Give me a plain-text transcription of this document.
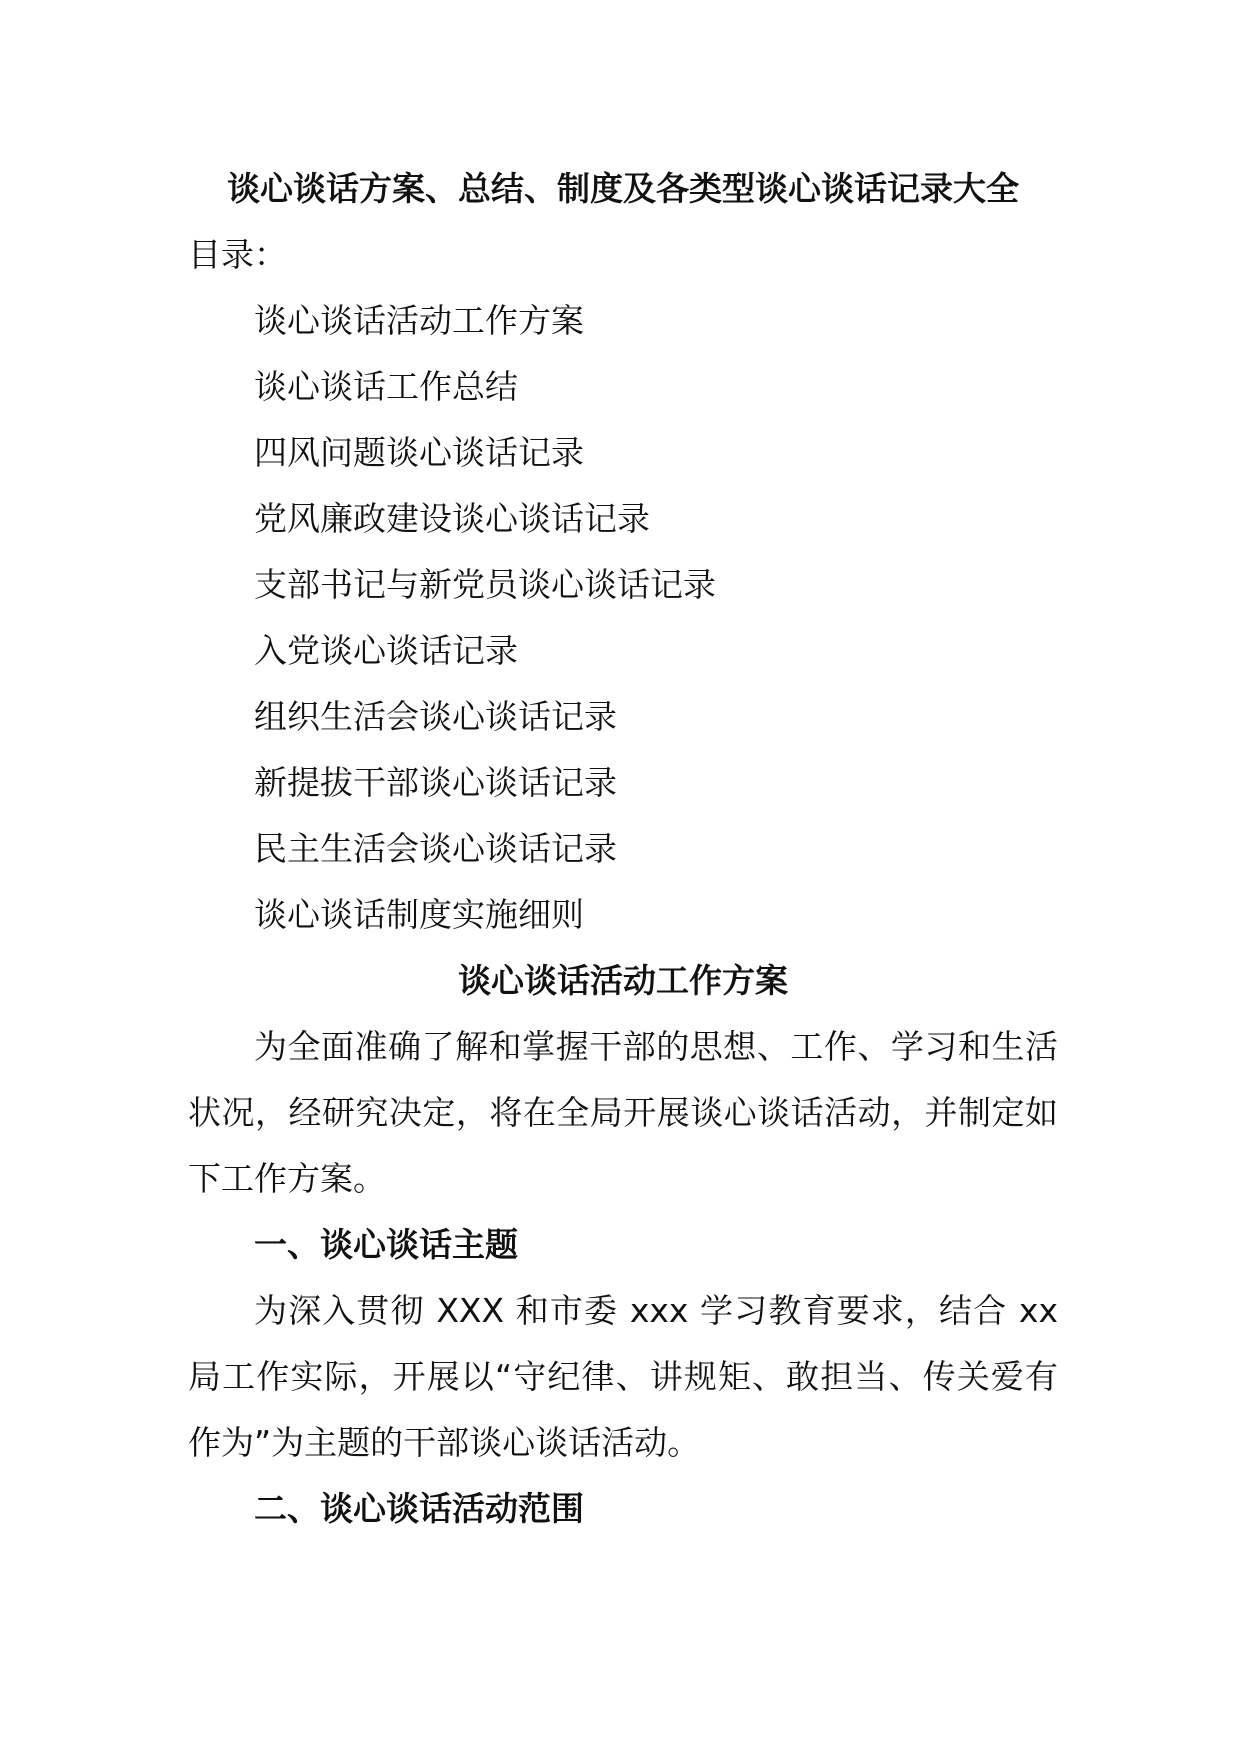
谈心谈话方案、总结、制度及各类型谈心谈话记录大全
目录：
谈心谈话活动工作方案
谈心谈话工作总结
四风问题谈心谈话记录
党风廉政建设谈心谈话记录
支部书记与新党员谈心谈话记录
入党谈心谈话记录
组织生活会谈心谈话记录
新提拔干部谈心谈话记录
民主生活会谈心谈话记录
谈心谈话制度实施细则
谈心谈话活动工作方案

为全面准确了解和掌握干部的思想、工作、学习和生活状况，经研究决定，将在全局开展谈心谈话活动，并制定如下工作方案。

一、谈心谈话主题

为深入贯彻 XXX 和市委 xxx 学习教育要求，结合 xx 局工作实际，开展以“守纪律、讲规矩、敢担当、传关爱有作为”为主题的干部谈心谈话活动。

二、谈心谈话活动范围
